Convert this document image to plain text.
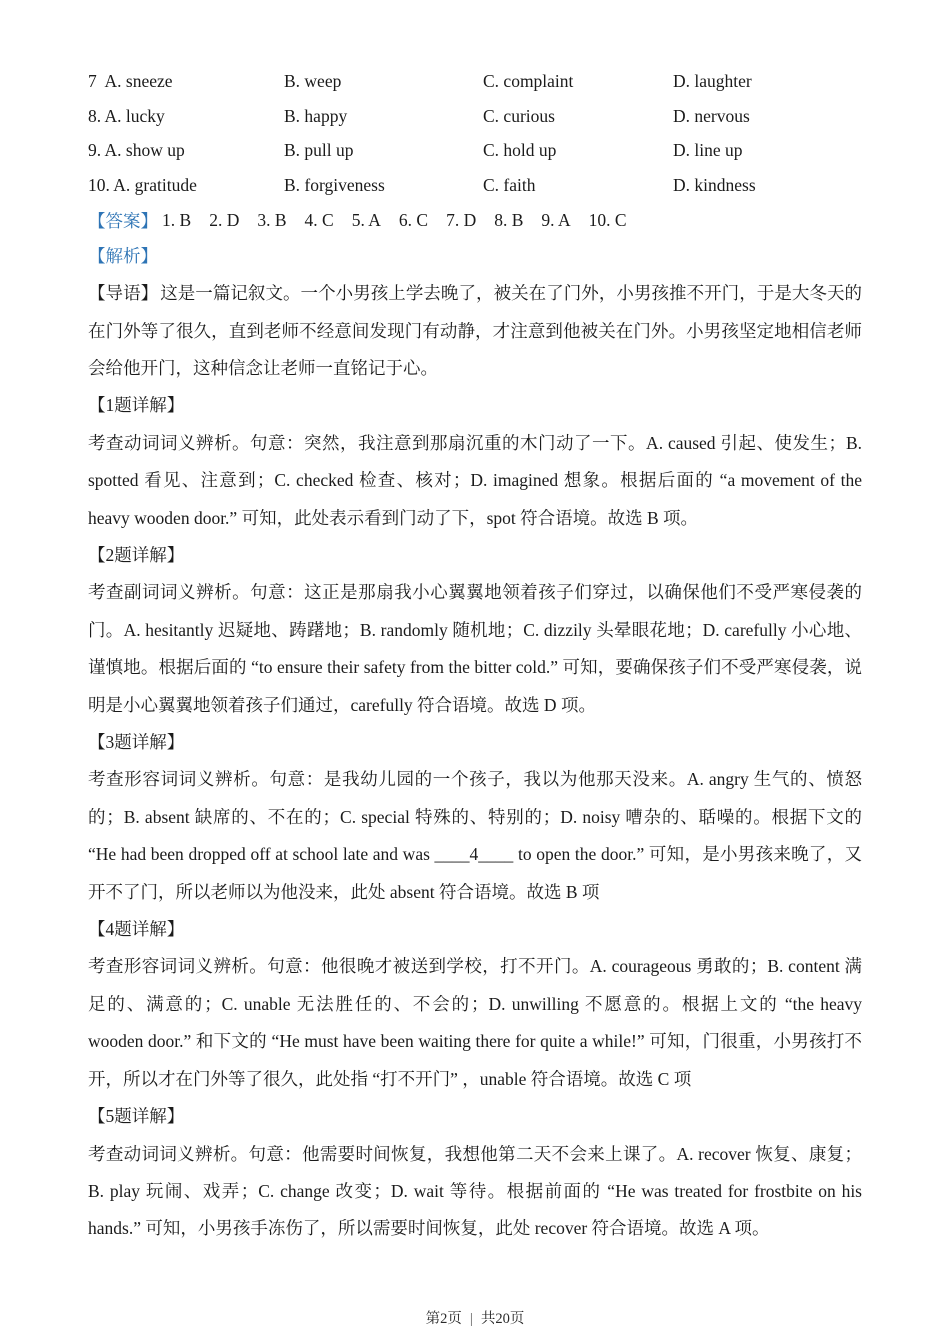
7  A. sneeze	B. weep	C. complaint	D. laughter
8. A. lucky	B. happy	C. curious	D. nervous
9. A. show up	B. pull up	C. hold up	D. line up
10. A. gratitude	B. forgiveness	C. faith	D. kindness
【答案】 1. B 2. D 3. B 4. C 5. A 6. C 7. D 8. B 9. A 10. C
【解析】

【导语】 这是一篇记叙文。一个小男孩上学去晚了，被关在了门外，小男孩推不开门，于是大冬天的在门外等了很久，直到老师不经意间发现门有动静，才注意到他被关在门外。小男孩坚定地相信老师会给他开门，这种信念让老师一直铭记于心。

【1题详解】

考查动词词义辨析。句意：突然，我注意到那扇沉重的木门动了一下。A. caused 引起、使发生；B. spotted 看见、注意到；C. checked 检查、核对；D. imagined 想象。根据后面的 “a movement of the heavy wooden door.” 可知，此处表示看到门动了下，spot 符合语境。故选 B 项。

【2题详解】

考查副词词义辨析。句意：这正是那扇我小心翼翼地领着孩子们穿过，以确保他们不受严寒侵袭的门。A. hesitantly 迟疑地、踌躇地；B. randomly 随机地；C. dizzily 头晕眼花地；D. carefully 小心地、谨慎地。根据后面的 “to ensure their safety from the bitter cold.” 可知，要确保孩子们不受严寒侵袭，说明是小心翼翼地领着孩子们通过，carefully 符合语境。故选 D 项。

【3题详解】

考查形容词词义辨析。句意：是我幼儿园的一个孩子，我以为他那天没来。A. angry 生气的、愤怒的；B. absent 缺席的、不在的；C. special 特殊的、特别的；D. noisy 嘈杂的、聒噪的。根据下文的 “He had been dropped off at school late and was ____4____ to open the door.” 可知，是小男孩来晚了，又开不了门，所以老师以为他没来，此处 absent 符合语境。故选 B 项

【4题详解】

考查形容词词义辨析。句意：他很晚才被送到学校，打不开门。A. courageous 勇敢的；B. content 满足的、满意的；C. unable 无法胜任的、不会的；D. unwilling 不愿意的。根据上文的 “the heavy wooden door.” 和下文的 “He must have been waiting there for quite a while!” 可知，门很重，小男孩打不开，所以才在门外等了很久，此处指 “打不开门” ，unable 符合语境。故选 C 项

【5题详解】

考查动词词义辨析。句意：他需要时间恢复，我想他第二天不会来上课了。A. recover 恢复、康复；B. play 玩闹、戏弄；C. change 改变；D. wait 等待。根据前面的 “He was treated for frostbite on his hands.” 可知，小男孩手冻伤了，所以需要时间恢复，此处 recover 符合语境。故选 A 项。

第2页 | 共20页
